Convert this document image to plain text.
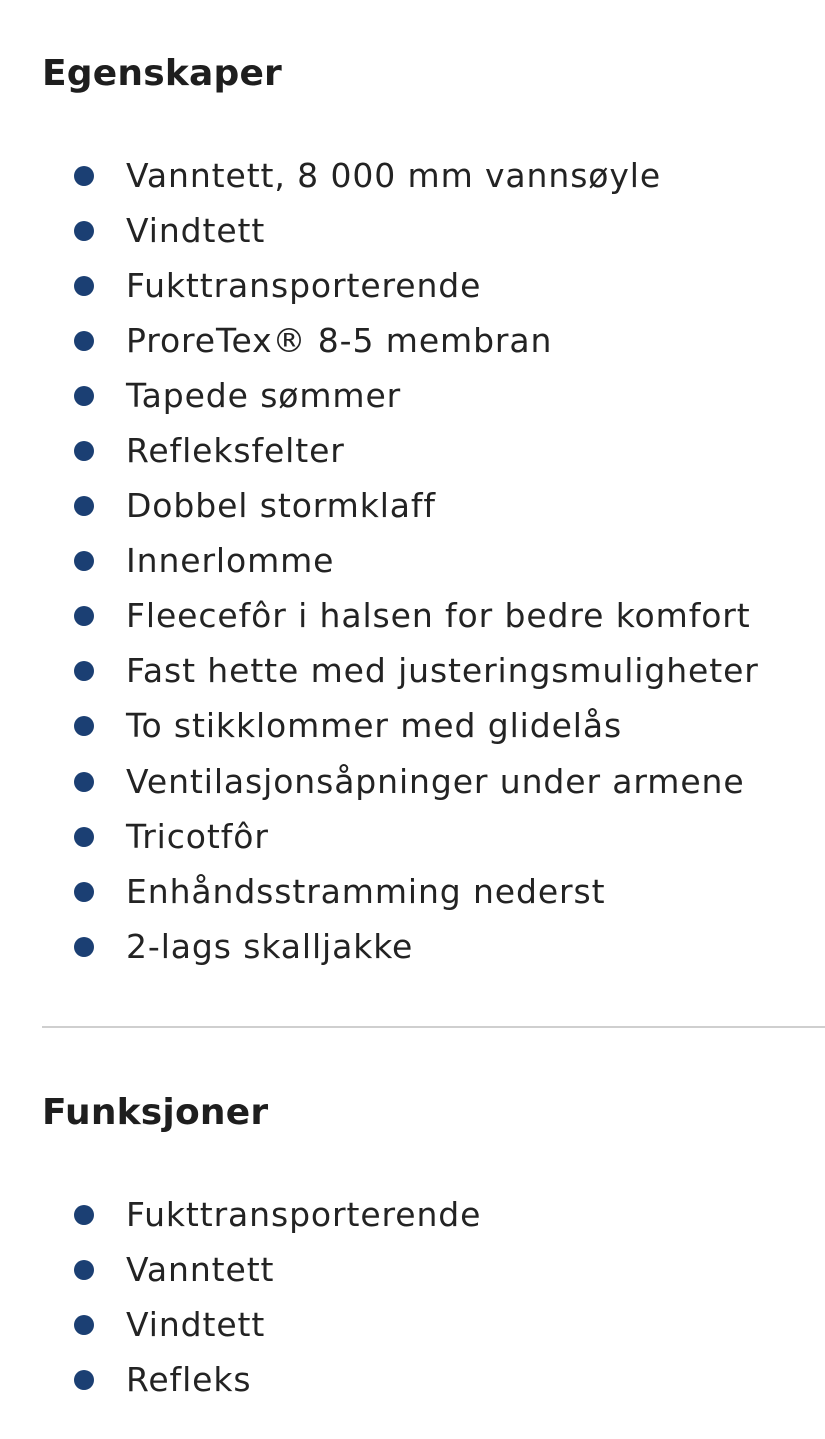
Egenskaper
Vanntett, 8 000 mm vannsøyle
Vindtett
Fukttransporterende
ProreTex® 8-5 membran
Tapede sømmer
Refleksfelter
Dobbel stormklaff
Innerlomme
Fleecefôr i halsen for bedre komfort
Fast hette med justeringsmuligheter
To stikklommer med glidelås
Ventilasjonsåpninger under armene
Tricotfôr
Enhåndsstramming nederst
2-lags skalljakke
Funksjoner
Fukttransporterende
Vanntett
Vindtett
Refleks
